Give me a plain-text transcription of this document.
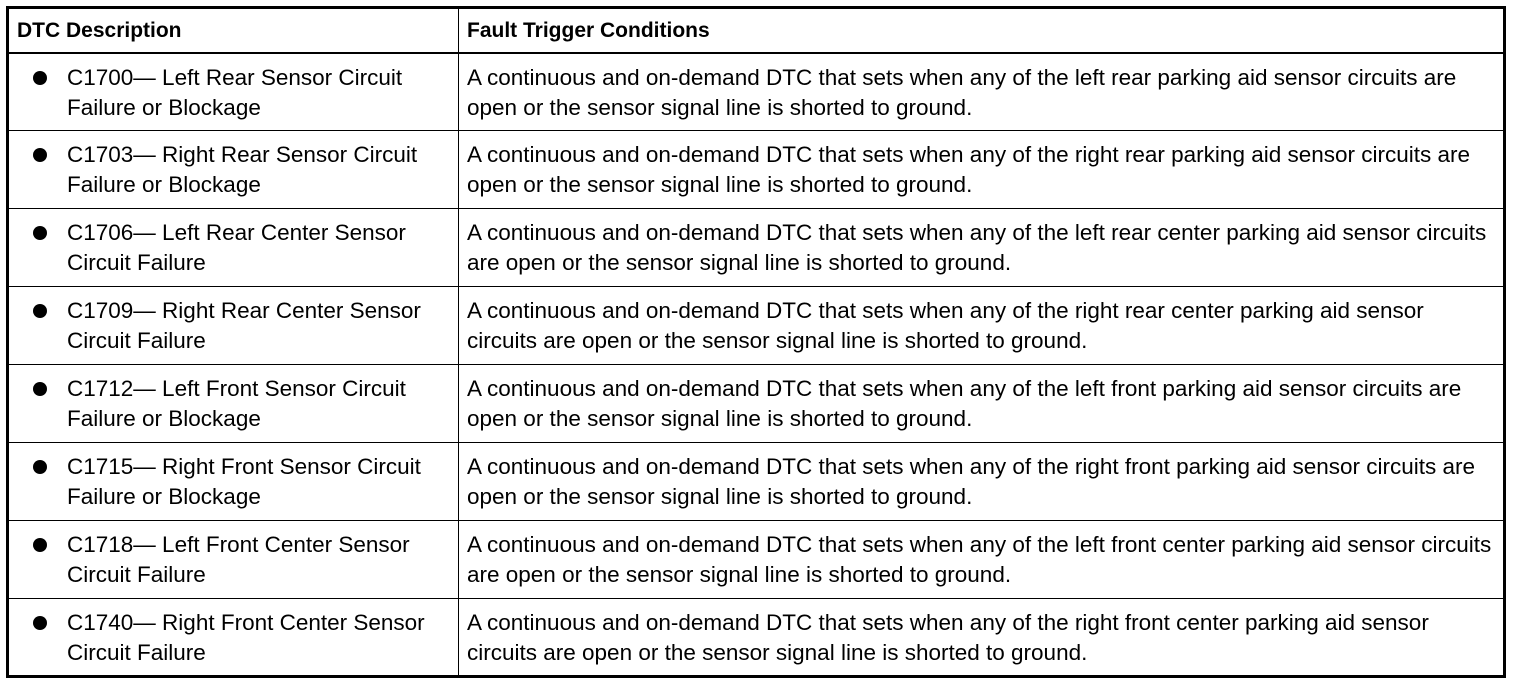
DTC Description	Fault Trigger Conditions

C1700— Left Rear Sensor Circuit Failure or Blockage	A continuous and on-demand DTC that sets when any of the left rear parking aid sensor circuits are open or the sensor signal line is shorted to ground.

C1703— Right Rear Sensor Circuit Failure or Blockage	A continuous and on-demand DTC that sets when any of the right rear parking aid sensor circuits are open or the sensor signal line is shorted to ground.

C1706— Left Rear Center Sensor Circuit Failure	A continuous and on-demand DTC that sets when any of the left rear center parking aid sensor circuits are open or the sensor signal line is shorted to ground.

C1709— Right Rear Center Sensor Circuit Failure	A continuous and on-demand DTC that sets when any of the right rear center parking aid sensor circuits are open or the sensor signal line is shorted to ground.

C1712— Left Front Sensor Circuit Failure or Blockage	A continuous and on-demand DTC that sets when any of the left front parking aid sensor circuits are open or the sensor signal line is shorted to ground.

C1715— Right Front Sensor Circuit Failure or Blockage	A continuous and on-demand DTC that sets when any of the right front parking aid sensor circuits are open or the sensor signal line is shorted to ground.

C1718— Left Front Center Sensor Circuit Failure	A continuous and on-demand DTC that sets when any of the left front center parking aid sensor circuits are open or the sensor signal line is shorted to ground.

C1740— Right Front Center Sensor Circuit Failure	A continuous and on-demand DTC that sets when any of the right front center parking aid sensor circuits are open or the sensor signal line is shorted to ground.
